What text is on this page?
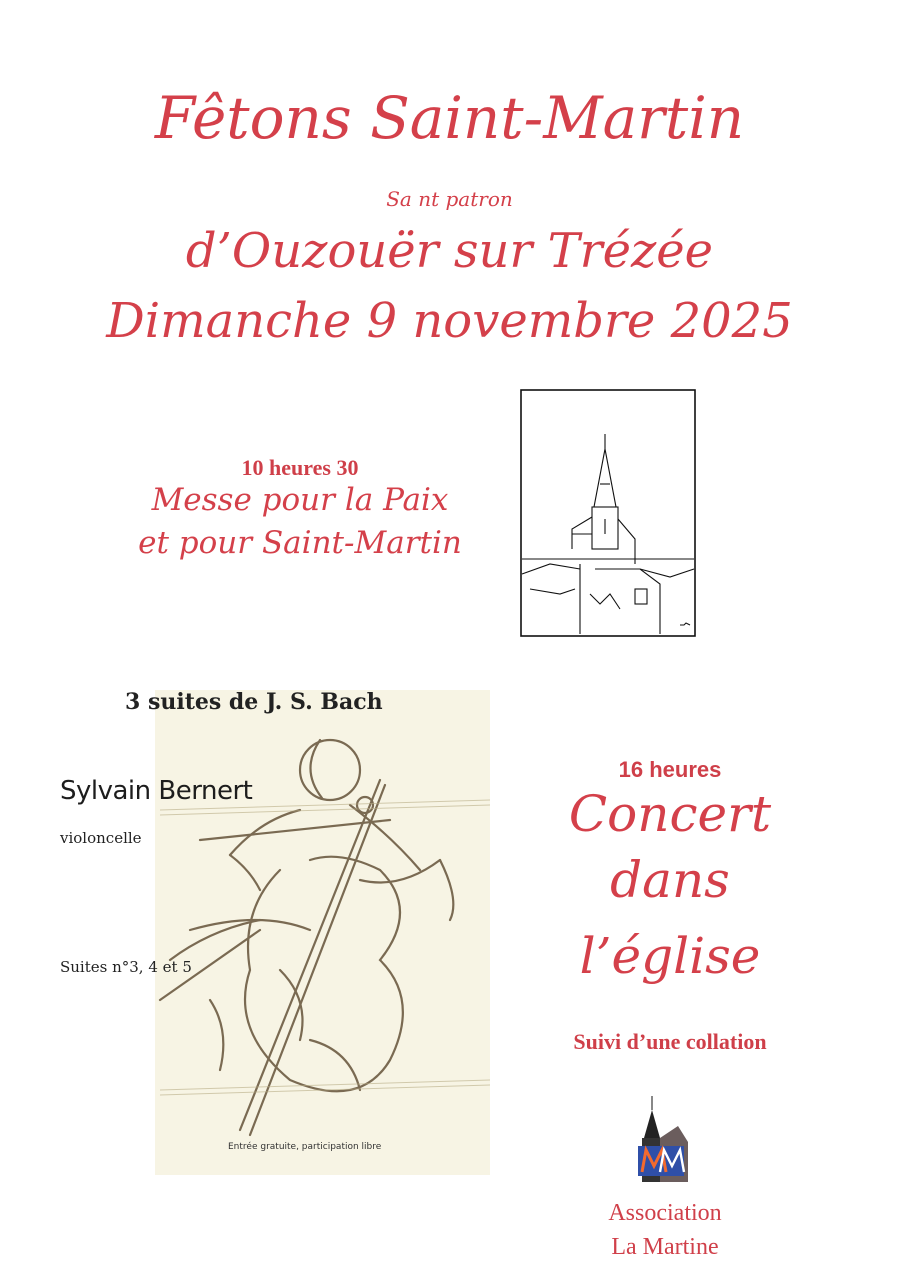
Fêtons Saint-Martin
Sa nt patron
d’Ouzouër sur Trézée
Dimanche 9 novembre 2025
10 heures 30
Messe pour la Paix
et pour Saint-Martin
3 suites de J. S. Bach
Sylvain Bernert
violoncelle
Suites n°3, 4 et 5
Entrée gratuite, participation libre
16 heures
Concert
dans
l’église
Suivi d’une collation
Association
La Martine
